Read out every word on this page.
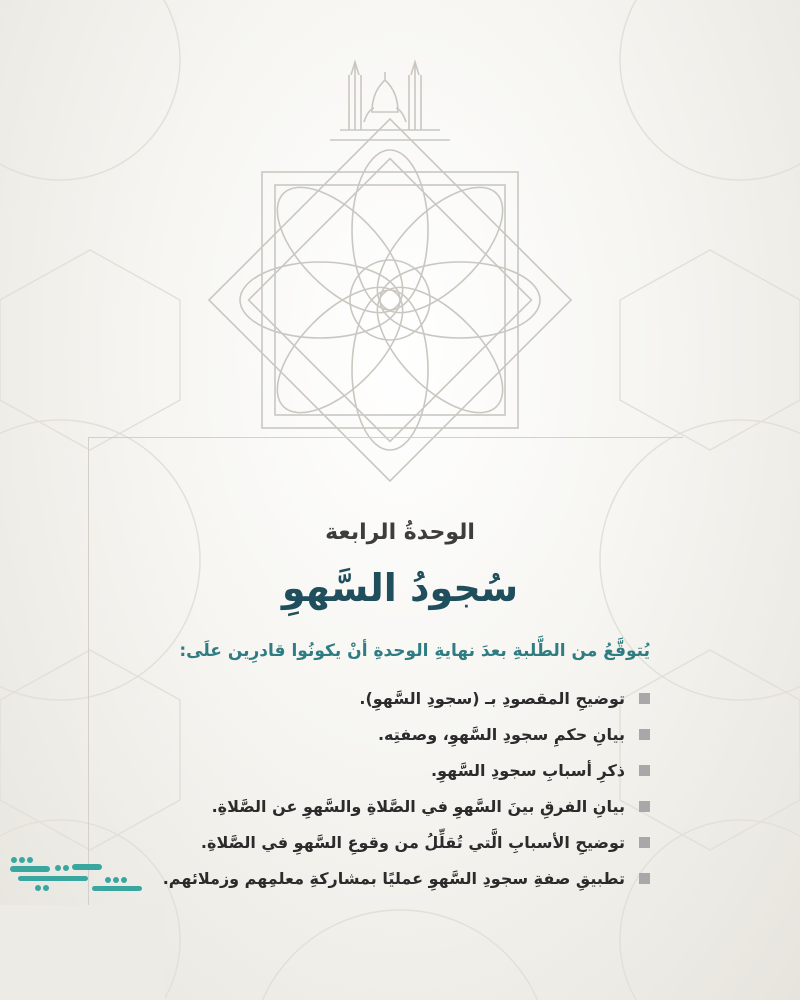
الوحدةُ الرابعة
سُجودُ السَّهوِ
يُتوقَّعُ من الطَّلبةِ بعدَ نهايةِ الوحدةِ أنْ يكونُوا قادرِين علَى:
توضيحِ المقصودِ بـ (سجودِ السَّهوِ).
بيانِ حكمِ سجودِ السَّهوِ، وصفتِه.
ذكرِ أسبابِ سجودِ السَّهوِ.
بيانِ الفرقِ بينَ السَّهوِ في الصَّلاةِ والسَّهوِ عن الصَّلاةِ.
توضيحِ الأسبابِ الَّتي تُقلِّلُ من وقوعِ السَّهوِ في الصَّلاةِ.
تطبيقِ صفةِ سجودِ السَّهوِ عمليًا بمشاركةِ معلمِهم وزملائهم.
